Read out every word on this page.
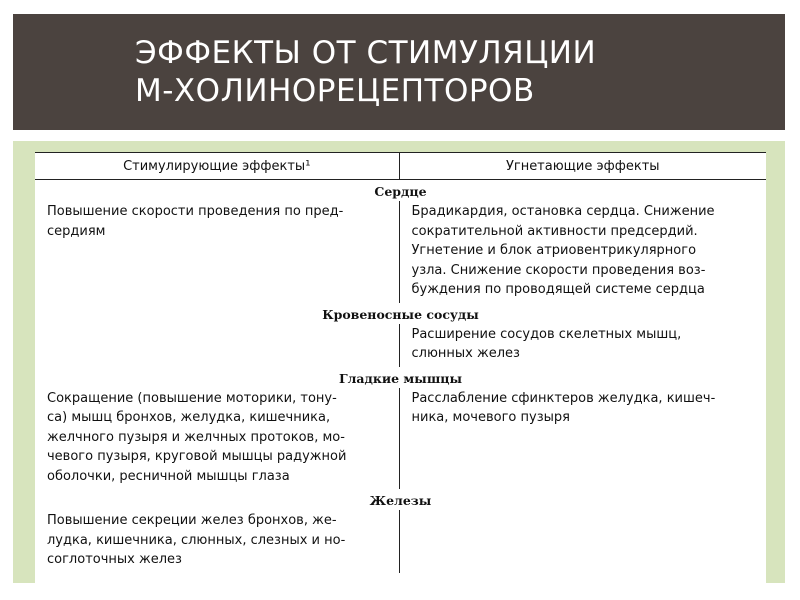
ЭФФЕКТЫ ОТ СТИМУЛЯЦИИ
М-ХОЛИНОРЕЦЕПТОРОВ
Стимулирующие эффекты¹	Угнетающие эффекты
Сердце	

Повышение скорости проведения по пред-
сердиям	Брадикардия, остановка сердца. Снижение
сократительной активности предсердий.
Угнетение и блок атриовентрикулярного
узла. Снижение скорости проведения воз-
буждения по проводящей системе сердца

Кровеносные сосуды	

	Расширение сосудов скелетных мышц,
слюнных желез

Гладкие мышцы	

Сокращение (повышение моторики, тону-
са) мышц бронхов, желудка, кишечника,
желчного пузыря и желчных протоков, мо-
чевого пузыря, круговой мышцы радужной
оболочки, ресничной мышцы глаза	Расслабление сфинктеров желудка, кишеч-
ника, мочевого пузыря

Железы	

Повышение секреции желез бронхов, же-
лудка, кишечника, слюнных, слезных и но-
соглоточных желез	
